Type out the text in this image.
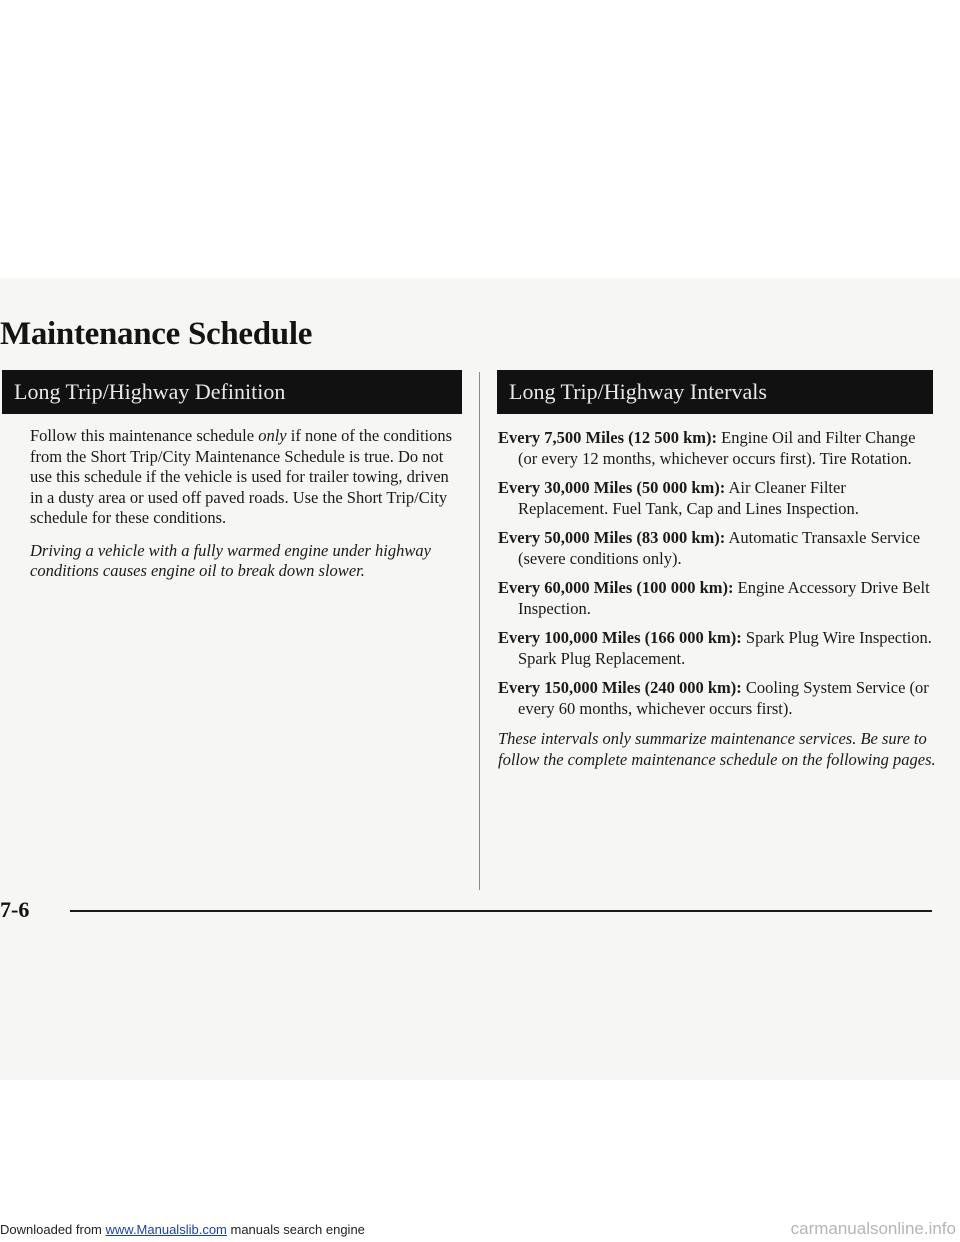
Maintenance Schedule
Long Trip/Highway Definition	Long Trip/Highway Intervals

Follow this maintenance schedule only if none of the conditions from the Short Trip/City Maintenance Schedule is true. Do not use this schedule if the vehicle is used for trailer towing, driven in a dusty area or used off paved roads. Use the Short Trip/City schedule for these conditions.

Driving a vehicle with a fully warmed engine under highway conditions causes engine oil to break down slower.

Every 7,500 Miles (12 500 km): Engine Oil and Filter Change (or every 12 months, whichever occurs first). Tire Rotation.

Every 30,000 Miles (50 000 km): Air Cleaner Filter Replacement. Fuel Tank, Cap and Lines Inspection.

Every 50,000 Miles (83 000 km): Automatic Transaxle Service (severe conditions only).

Every 60,000 Miles (100 000 km): Engine Accessory Drive Belt Inspection.

Every 100,000 Miles (166 000 km): Spark Plug Wire Inspection. Spark Plug Replacement.

Every 150,000 Miles (240 000 km): Cooling System Service (or every 60 months, whichever occurs first).

These intervals only summarize maintenance services. Be sure to follow the complete maintenance schedule on the following pages.

7-6
Downloaded from www.Manualslib.com manuals search engine	carmanualsonline.info
